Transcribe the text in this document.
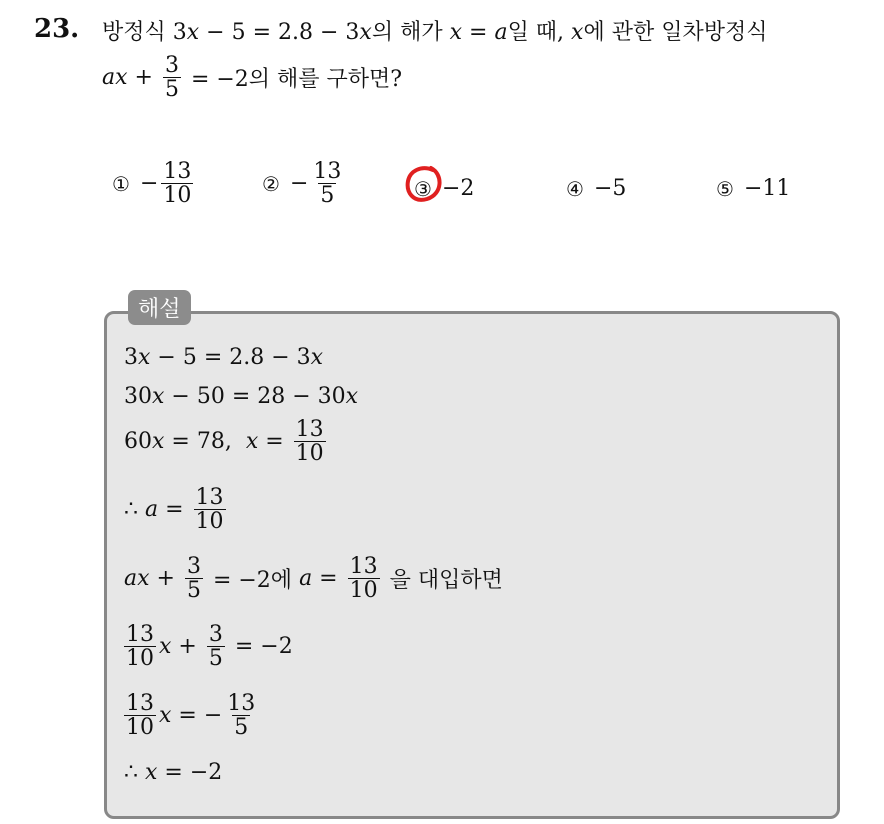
23. 방정식 3x − 5 = 2.8 − 3x의 해가 x = a일 때, x에 관한 일차방정식
ax + $\frac{3}{5} = -2$의 해를 구하면?
① − $\frac{13}{10}$	② − $\frac{13}{5}$	③ −2	④ −5	⑤ −11
해설
3 x − 5 = 2.8 − 3 x
30 x − 50 = 28 − 30 x
60 x = 78, $x = \frac{13}{10}$
∴ $a = \frac{13}{10}$
ax + $\frac{3}{5} = -2$에 $a = \frac{13}{10}$ 을 대입하면
$\frac{13}{10}$ $x + \frac{3}{5} = -2$
$\frac{13}{10}$ x = − $\frac{13}{5}$
∴ x = −2
